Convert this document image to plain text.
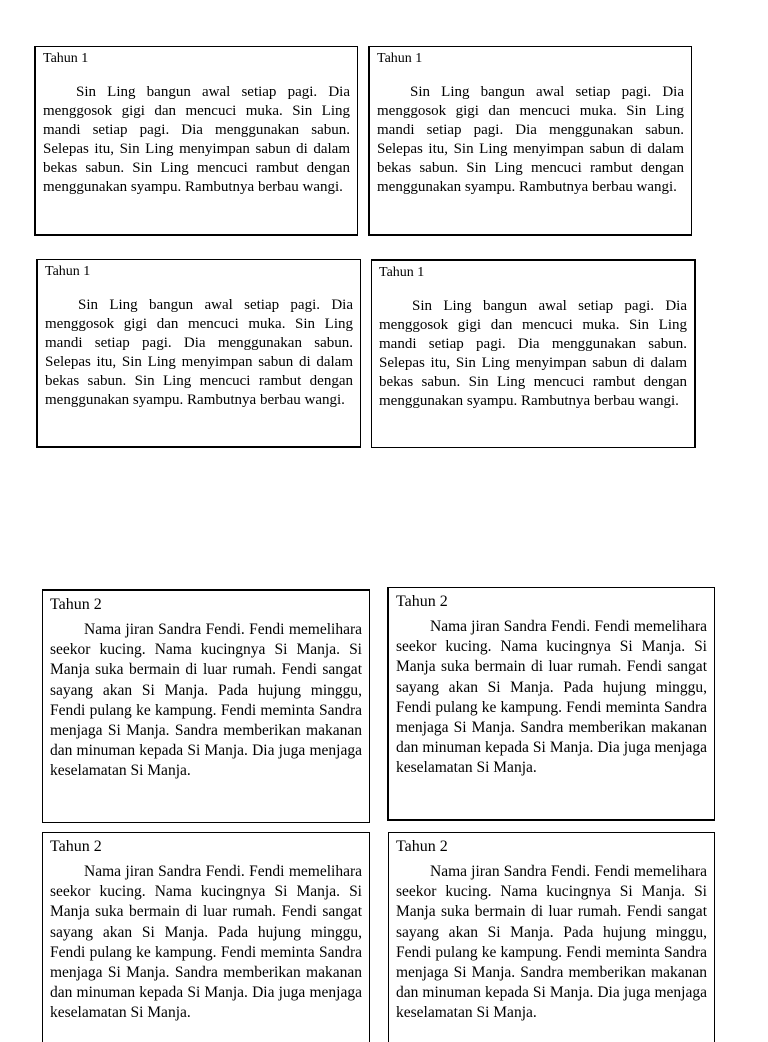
Tahun 1

Sin Ling bangun awal setiap pagi. Dia menggosok gigi dan mencuci muka. Sin Ling mandi setiap pagi. Dia menggunakan sabun. Selepas itu, Sin Ling menyimpan sabun di dalam bekas sabun. Sin Ling mencuci rambut dengan menggunakan syampu. Rambutnya berbau wangi.

Tahun 1

Sin Ling bangun awal setiap pagi. Dia menggosok gigi dan mencuci muka. Sin Ling mandi setiap pagi. Dia menggunakan sabun. Selepas itu, Sin Ling menyimpan sabun di dalam bekas sabun. Sin Ling mencuci rambut dengan menggunakan syampu. Rambutnya berbau wangi.

Tahun 1

Sin Ling bangun awal setiap pagi. Dia menggosok gigi dan mencuci muka. Sin Ling mandi setiap pagi. Dia menggunakan sabun. Selepas itu, Sin Ling menyimpan sabun di dalam bekas sabun. Sin Ling mencuci rambut dengan menggunakan syampu. Rambutnya berbau wangi.

Tahun 1

Sin Ling bangun awal setiap pagi. Dia menggosok gigi dan mencuci muka. Sin Ling mandi setiap pagi. Dia menggunakan sabun. Selepas itu, Sin Ling menyimpan sabun di dalam bekas sabun. Sin Ling mencuci rambut dengan menggunakan syampu. Rambutnya berbau wangi.

Tahun 2

Nama jiran Sandra Fendi. Fendi memelihara seekor kucing. Nama kucingnya Si Manja. Si Manja suka bermain di luar rumah. Fendi sangat sayang akan Si Manja. Pada hujung minggu, Fendi pulang ke kampung. Fendi meminta Sandra menjaga Si Manja. Sandra memberikan makanan dan minuman kepada Si Manja. Dia juga menjaga keselamatan Si Manja.

Tahun 2

Nama jiran Sandra Fendi. Fendi memelihara seekor kucing. Nama kucingnya Si Manja. Si Manja suka bermain di luar rumah. Fendi sangat sayang akan Si Manja. Pada hujung minggu, Fendi pulang ke kampung. Fendi meminta Sandra menjaga Si Manja. Sandra memberikan makanan dan minuman kepada Si Manja. Dia juga menjaga keselamatan Si Manja.

Tahun 2

Nama jiran Sandra Fendi. Fendi memelihara seekor kucing. Nama kucingnya Si Manja. Si Manja suka bermain di luar rumah. Fendi sangat sayang akan Si Manja. Pada hujung minggu, Fendi pulang ke kampung. Fendi meminta Sandra menjaga Si Manja. Sandra memberikan makanan dan minuman kepada Si Manja. Dia juga menjaga keselamatan Si Manja.

Tahun 2

Nama jiran Sandra Fendi. Fendi memelihara seekor kucing. Nama kucingnya Si Manja. Si Manja suka bermain di luar rumah. Fendi sangat sayang akan Si Manja. Pada hujung minggu, Fendi pulang ke kampung. Fendi meminta Sandra menjaga Si Manja. Sandra memberikan makanan dan minuman kepada Si Manja. Dia juga menjaga keselamatan Si Manja.
